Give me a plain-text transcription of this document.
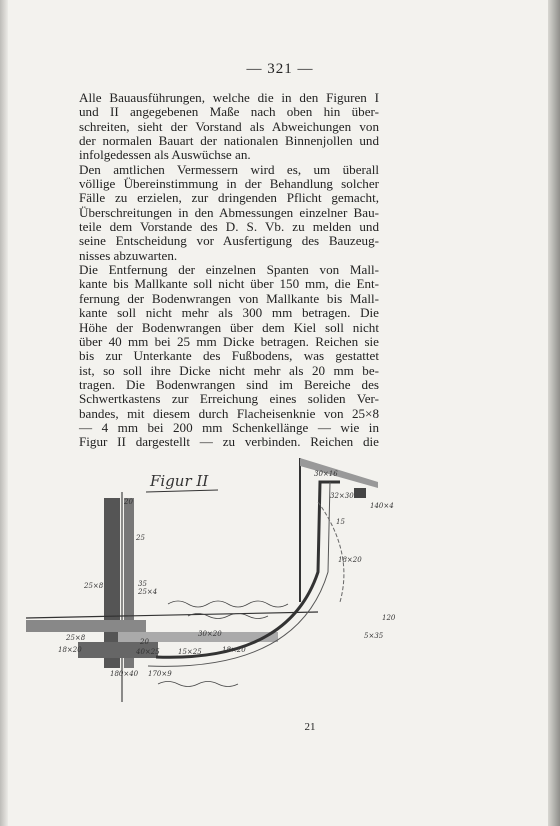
— 321 —

Alle Bauausführungen, welche die in den Figuren I
und II angegebenen Maße nach oben hin über-
schreiten, sieht der Vorstand als Abweichungen von
der normalen Bauart der nationalen Binnenjollen und
infolgedessen als Auswüchse an.

Den amtlichen Vermessern wird es, um überall
völlige Übereinstimmung in der Behandlung solcher
Fälle zu erzielen, zur dringenden Pflicht gemacht,
Überschreitungen in den Abmessungen einzelner Bau-
teile dem Vorstande des D. S. Vb. zu melden und
seine Entscheidung vor Ausfertigung des Bauzeug-
nisses abzuwarten.

Die Entfernung der einzelnen Spanten von Mall-
kante bis Mallkante soll nicht über 150 mm, die Ent-
fernung der Bodenwrangen von Mallkante bis Mall-
kante soll nicht mehr als 300 mm betragen. Die
Höhe der Bodenwrangen über dem Kiel soll nicht
über 40 mm bei 25 mm Dicke betragen. Reichen sie
bis zur Unterkante des Fußbodens, was gestattet
ist, so soll ihre Dicke nicht mehr als 20 mm be-
tragen. Die Bodenwrangen sind im Bereiche des
Schwertkastens zur Erreichung eines soliden Ver-
bandes, mit diesem durch Flacheisenknie von 25×8
— 4 mm bei 200 mm Schenkellänge — wie in
Figur II dargestellt — zu verbinden. Reichen die

Figur II
20
25
35
25×4
25×8
30×16
32×30
140×4
15
18×20
30×20
20
40×25	15×25	18×20
5×35
18×20
25×8
180×40 170×9
120
21
